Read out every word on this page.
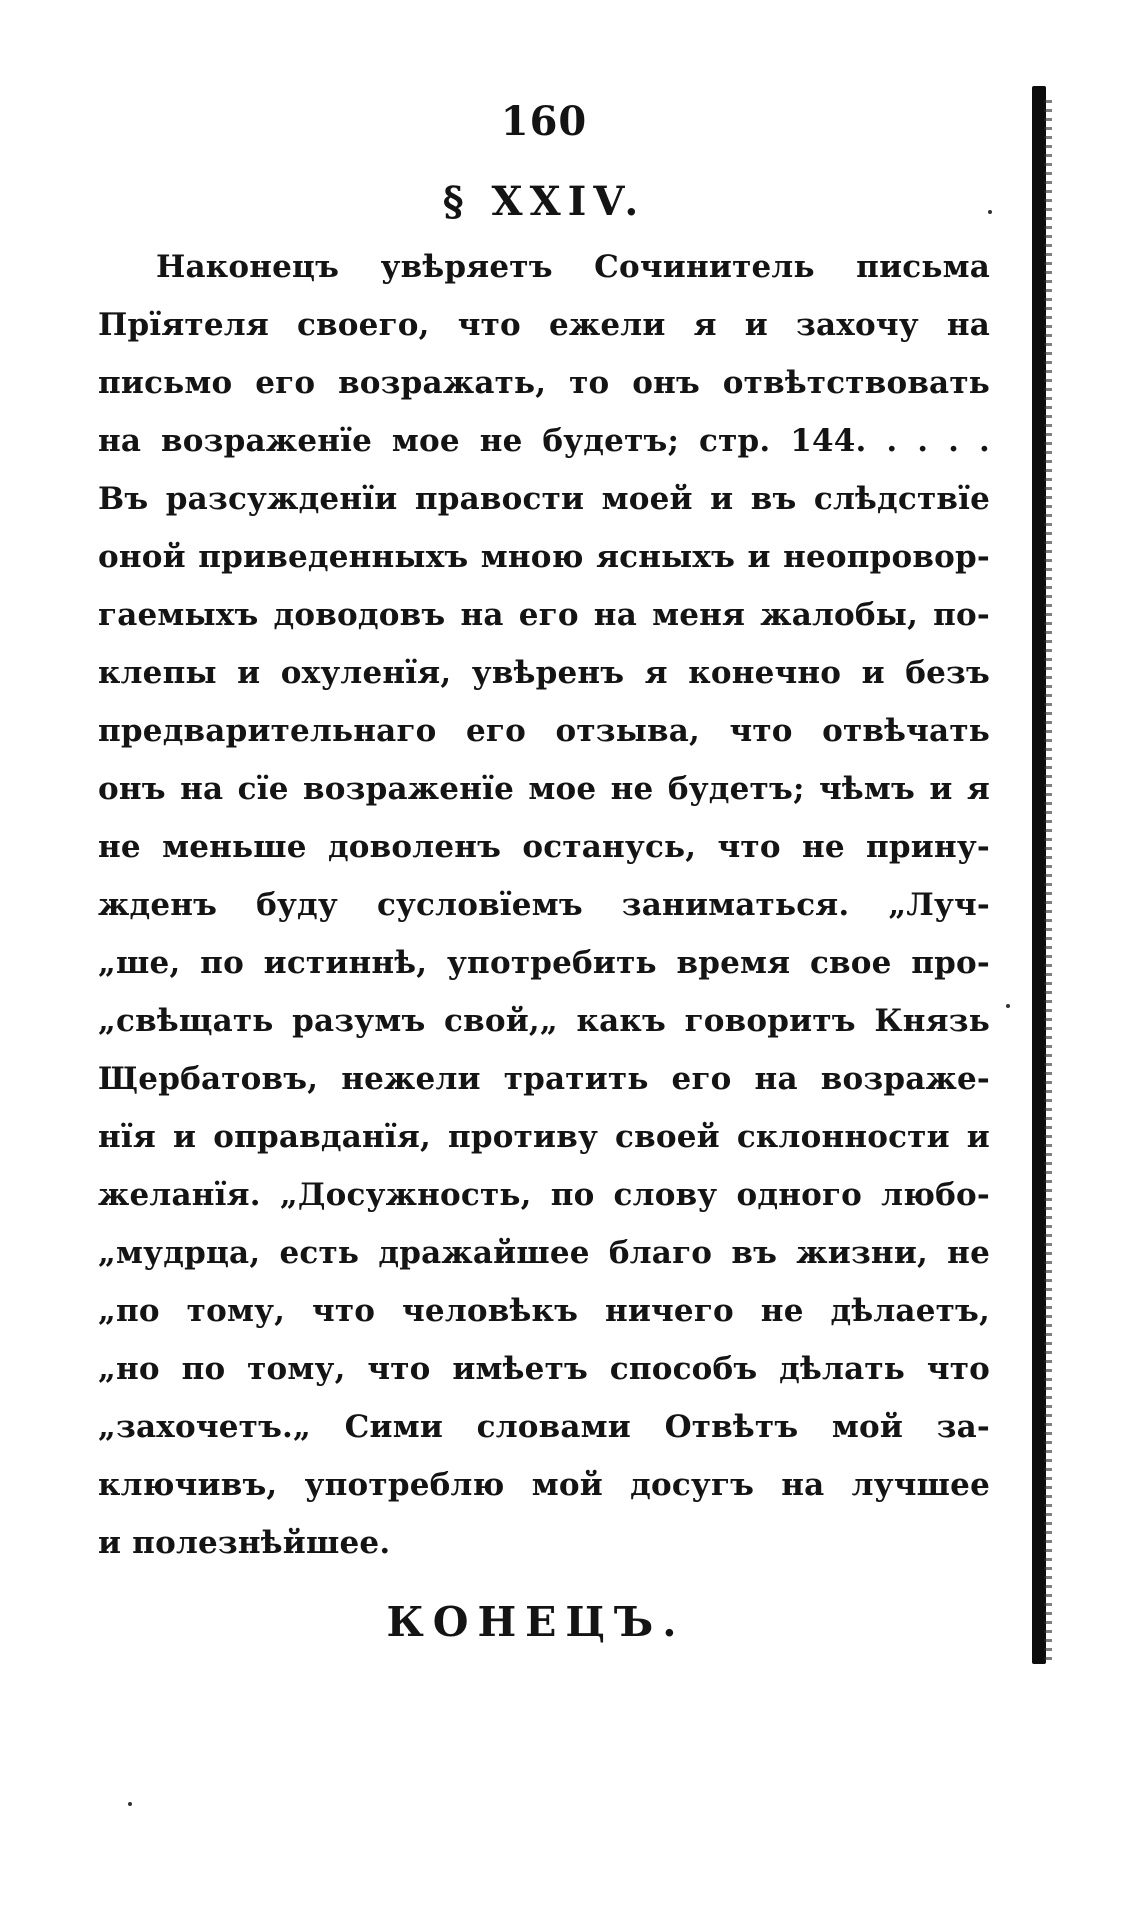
160
§ XXIV.
Наконецъ увѣряетъ Сочинитель письма
Прїятеля своего, что ежели я и захочу на
письмо его возражать, то онъ отвѣтствовать
на возраженїе мое не будетъ; стр. 144. . . . .
Въ разсужденїи правости моей и въ слѣдствїе
оной приведенныхъ мною ясныхъ и неопровор-
гаемыхъ доводовъ на его на меня жалобы, по-
клепы и охуленїя, увѣренъ я конечно и безъ
предварительнаго его отзыва, что отвѣчать
онъ на сїе возраженїе мое не будетъ; чѣмъ и я
не меньше доволенъ останусь, что не прину-
жденъ буду сусловїемъ заниматься. „Луч-
„ше, по истиннѣ, употребить время свое про-
„свѣщать разумъ свой,„ какъ говоритъ Князь
Щербатовъ, нежели тратить его на возраже-
нїя и оправданїя, противу своей склонности и
желанїя. „Досужность, по слову одного любо-
„мудрца, есть дражайшее благо въ жизни, не
„по тому, что человѣкъ ничего не дѣлаетъ,
„но по тому, что имѣетъ способъ дѣлать что
„захочетъ.„ Сими словами Отвѣтъ мой за-
ключивъ, употреблю мой досугъ на лучшее
и полезнѣйшее.
КОНЕЦЪ.
